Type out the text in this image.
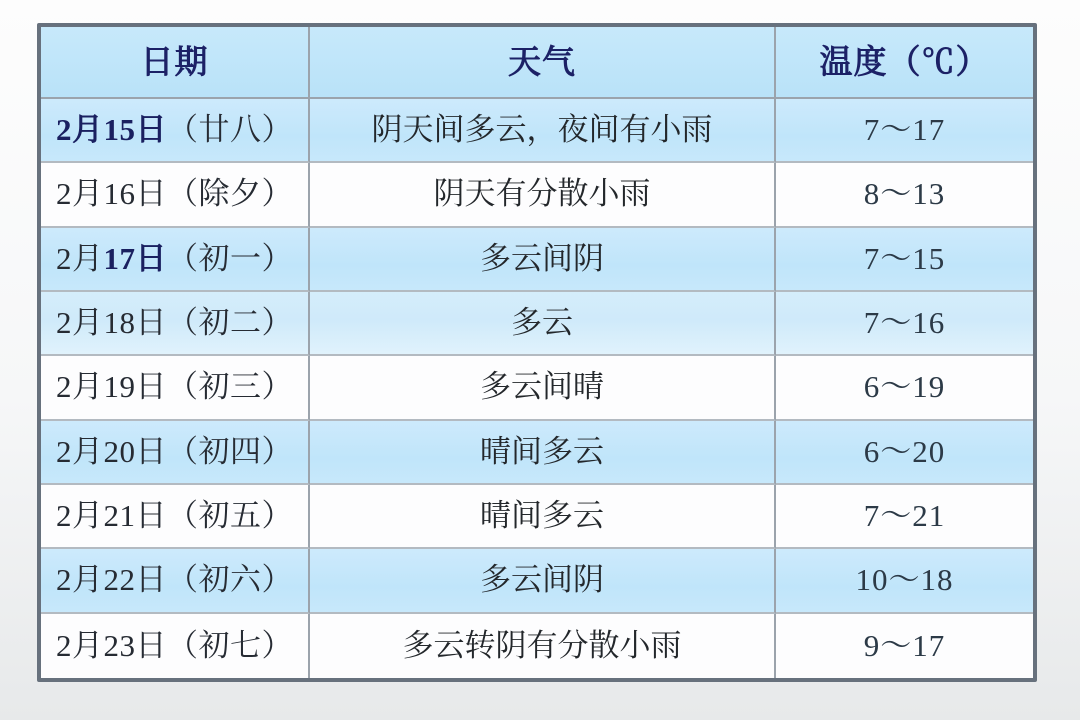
日期	天气	温度（℃）
2月15日 （廿八）	阴天间多云，夜间有小雨	7～17
2月16日（除夕）	阴天有分散小雨	8～13
2月 17日 （初一）	多云间阴	7～15
2月18日（初二）	多云	7～16
2月19日（初三）	多云间晴	6～19
2月20日（初四）	晴间多云	6～20
2月21日（初五）	晴间多云	7～21
2月22日（初六）	多云间阴	10～18
2月23日（初七）	多云转阴有分散小雨	9～17
